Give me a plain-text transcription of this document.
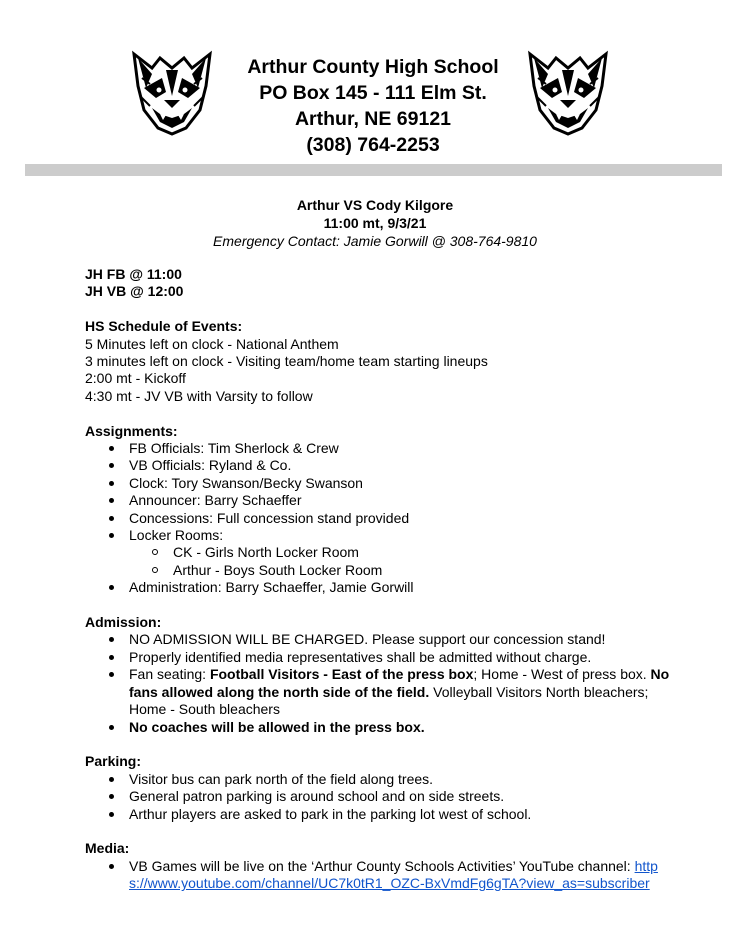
Arthur County High School
PO Box 145 - 111 Elm St.
Arthur, NE 69121
(308) 764-2253
Arthur VS Cody Kilgore
11:00 mt, 9/3/21
Emergency Contact: Jamie Gorwill @ 308-764-9810

JH FB @ 11:00

JH VB @ 12:00

HS Schedule of Events:

5 Minutes left on clock - National Anthem

3 minutes left on clock - Visiting team/home team starting lineups

2:00 mt - Kickoff

4:30 mt - JV VB with Varsity to follow

Assignments:

FB Officials: Tim Sherlock & Crew
VB Officials: Ryland & Co.
Clock: Tory Swanson/Becky Swanson
Announcer: Barry Schaeffer
Concessions: Full concession stand provided
Locker Rooms:
CK - Girls North Locker Room
Arthur - Boys South Locker Room
Administration: Barry Schaeffer, Jamie Gorwill

Admission:

NO ADMISSION WILL BE CHARGED. Please support our concession stand!
Properly identified media representatives shall be admitted without charge.
Fan seating: Football Visitors - East of the press box; Home - West of press box. No fans allowed along the north side of the field. Volleyball Visitors North bleachers; Home - South bleachers
No coaches will be allowed in the press box.

Parking:

Visitor bus can park north of the field along trees.
General patron parking is around school and on side streets.
Arthur players are asked to park in the parking lot west of school.

Media:

VB Games will be live on the ‘Arthur County Schools Activities’ YouTube channel: https://www.youtube.com/channel/UC7k0tR1_OZC-BxVmdFg6gTA?view_as=subscriber
